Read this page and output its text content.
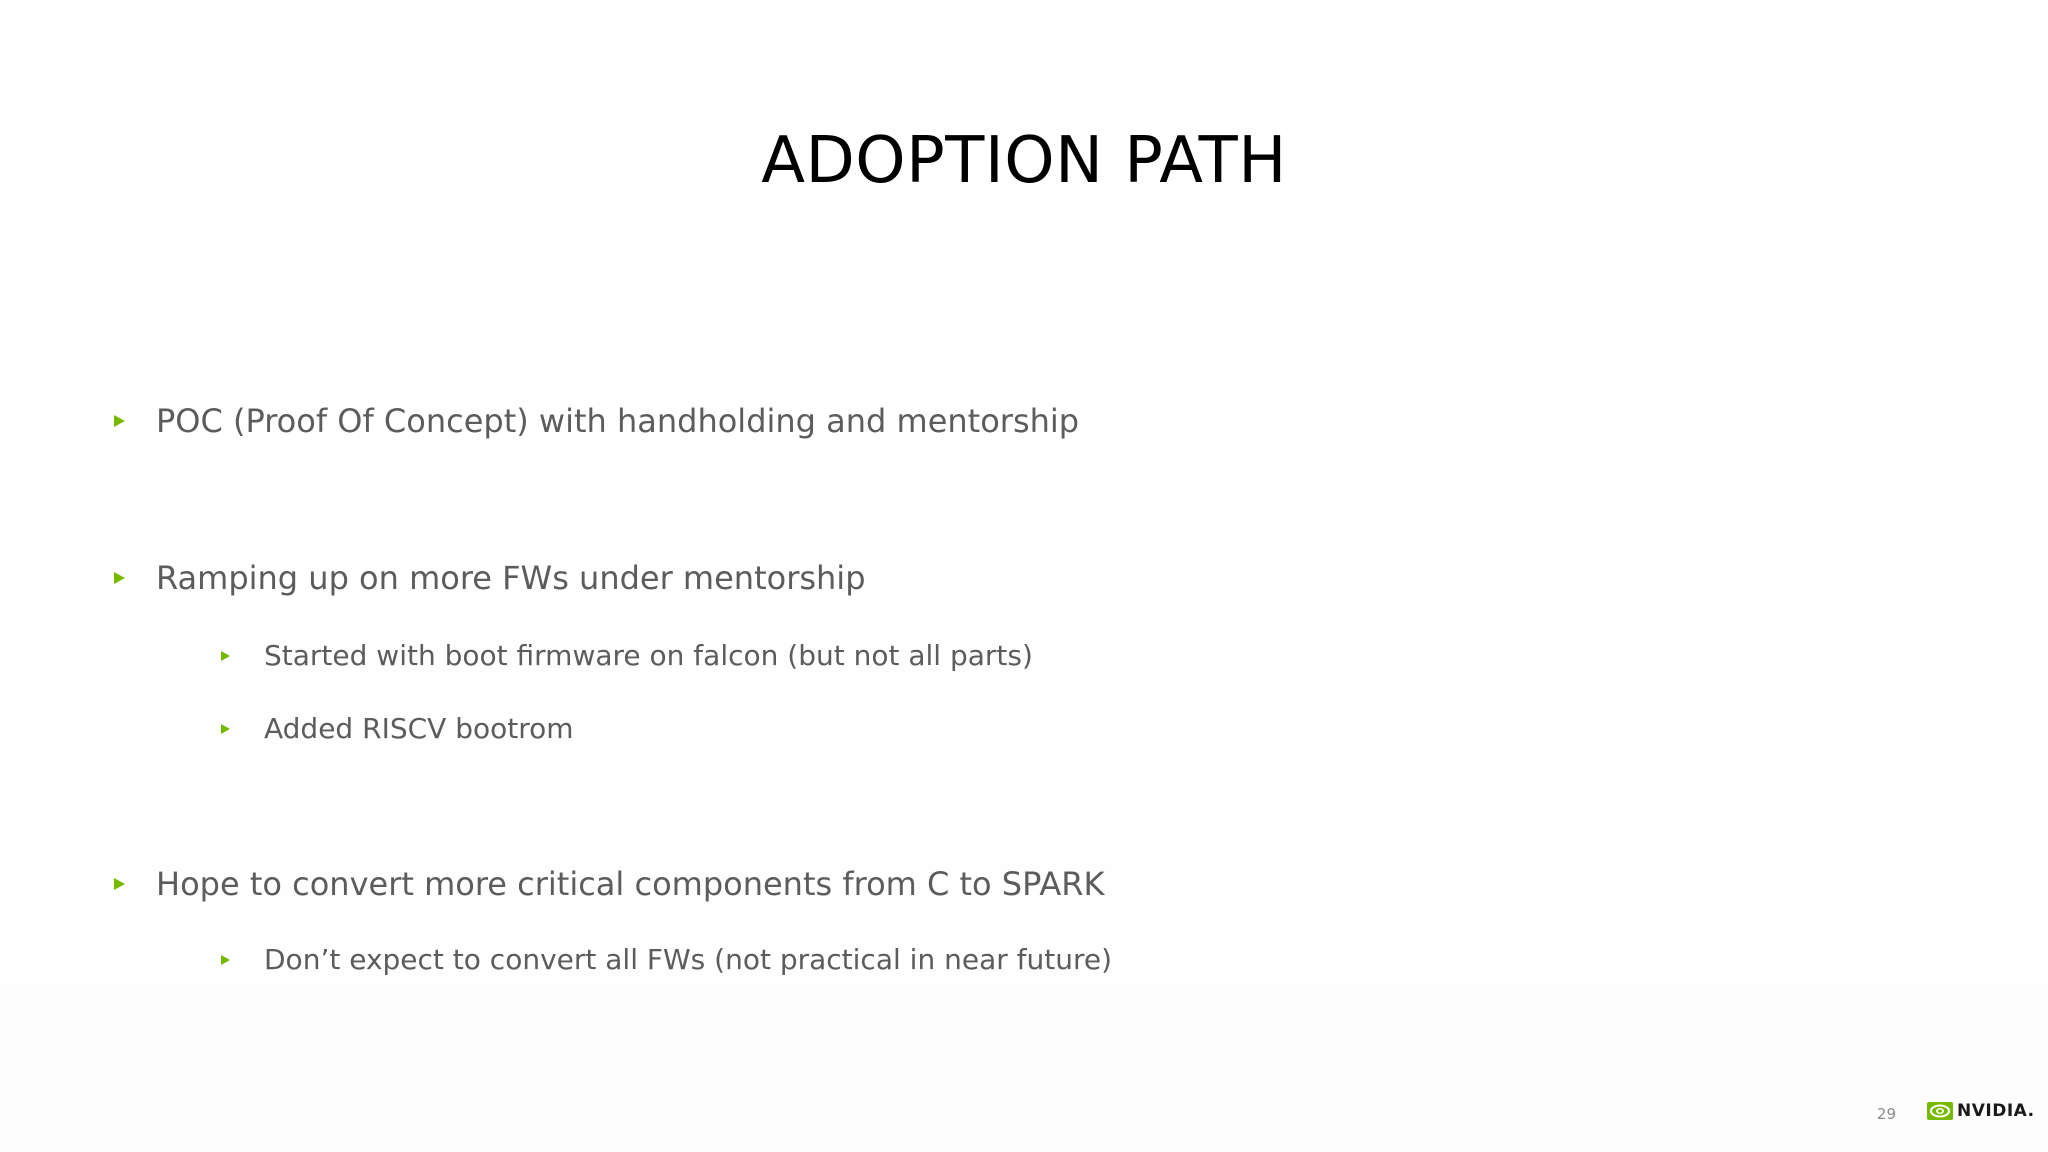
ADOPTION PATH
POC (Proof Of Concept) with handholding and mentorship
Ramping up on more FWs under mentorship
Started with boot firmware on falcon (but not all parts)
Added RISCV bootrom
Hope to convert more critical components from C to SPARK
Don’t expect to convert all FWs (not practical in near future)
29	NVIDIA.
